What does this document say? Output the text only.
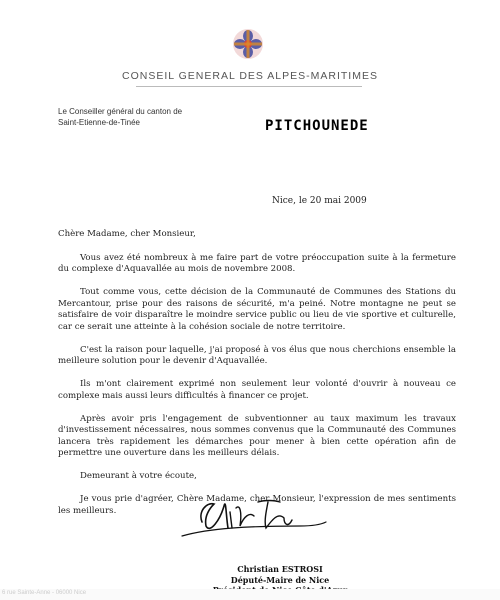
CONSEIL GENERAL DES ALPES-MARITIMES
Le Conseiller général du canton de
Saint-Etienne-de-Tinée	PITCHOUNEDE
Nice, le 20 mai 2009

Chère Madame, cher Monsieur,

Vous avez été nombreux à me faire part de votre préoccupation suite à la fermeture du complexe d'Aquavallée au mois de novembre 2008.

Tout comme vous, cette décision de la Communauté de Communes des Stations du Mercantour, prise pour des raisons de sécurité, m'a peiné. Notre montagne ne peut se satisfaire de voir disparaître le moindre service public ou lieu de vie sportive et culturelle, car ce serait une atteinte à la cohésion sociale de notre territoire.

C'est la raison pour laquelle, j'ai proposé à vos élus que nous cherchions ensemble la meilleure solution pour le devenir d'Aquavallée.

Ils m'ont clairement exprimé non seulement leur volonté d'ouvrir à nouveau ce complexe mais aussi leurs difficultés à financer ce projet.

Après avoir pris l'engagement de subventionner au taux maximum les travaux d'investissement nécessaires, nous sommes convenus que la Communauté des Communes lancera très rapidement les démarches pour mener à bien cette opération afin de permettre une ouverture dans les meilleurs délais.

Demeurant à votre écoute,

Je vous prie d'agréer, Chère Madame, cher Monsieur, l'expression de mes sentiments les meilleurs.

Christian ESTROSI
Député-Maire de Nice
6 rue Sainte-Anne - 06000 Nice
